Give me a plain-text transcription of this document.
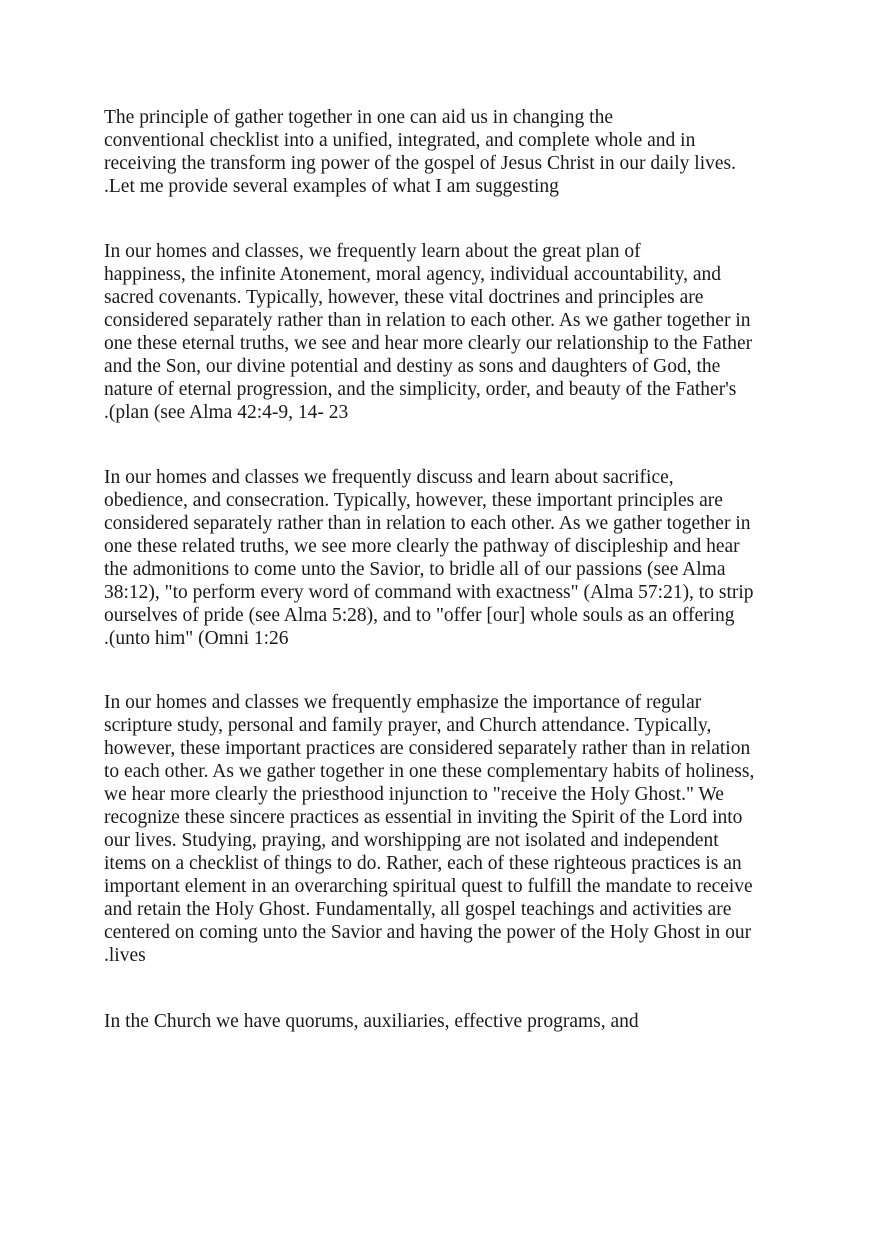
The principle of gather together in one can aid us in changing the
conventional checklist into a unified, integrated, and complete whole and in
receiving the transform ing power of the gospel of Jesus Christ in our daily lives.
.Let me provide several examples of what I am suggesting

In our homes and classes, we frequently learn about the great plan of
happiness, the infinite Atonement, moral agency, individual accountability, and
sacred covenants. Typically, however, these vital doctrines and principles are
considered separately rather than in relation to each other. As we gather together in
one these eternal truths, we see and hear more clearly our relationship to the Father
and the Son, our divine potential and destiny as sons and daughters of God, the
nature of eternal progression, and the simplicity, order, and beauty of the Father's
.(plan (see Alma 42:4-9, 14- 23

In our homes and classes we frequently discuss and learn about sacrifice,
obedience, and consecration. Typically, however, these important principles are
considered separately rather than in relation to each other. As we gather together in
one these related truths, we see more clearly the pathway of discipleship and hear
the admonitions to come unto the Savior, to bridle all of our passions (see Alma
38:12), "to perform every word of command with exactness" (Alma 57:21), to strip
ourselves of pride (see Alma 5:28), and to "offer [our] whole souls as an offering
.(unto him" (Omni 1:26

In our homes and classes we frequently emphasize the importance of regular
scripture study, personal and family prayer, and Church attendance. Typically,
however, these important practices are considered separately rather than in relation
to each other. As we gather together in one these complementary habits of holiness,
we hear more clearly the priesthood injunction to "receive the Holy Ghost." We
recognize these sincere practices as essential in inviting the Spirit of the Lord into
our lives. Studying, praying, and worshipping are not isolated and independent
items on a checklist of things to do. Rather, each of these righteous practices is an
important element in an overarching spiritual quest to fulfill the mandate to receive
and retain the Holy Ghost. Fundamentally, all gospel teachings and activities are
centered on coming unto the Savior and having the power of the Holy Ghost in our
.lives

In the Church we have quorums, auxiliaries, effective programs, and
